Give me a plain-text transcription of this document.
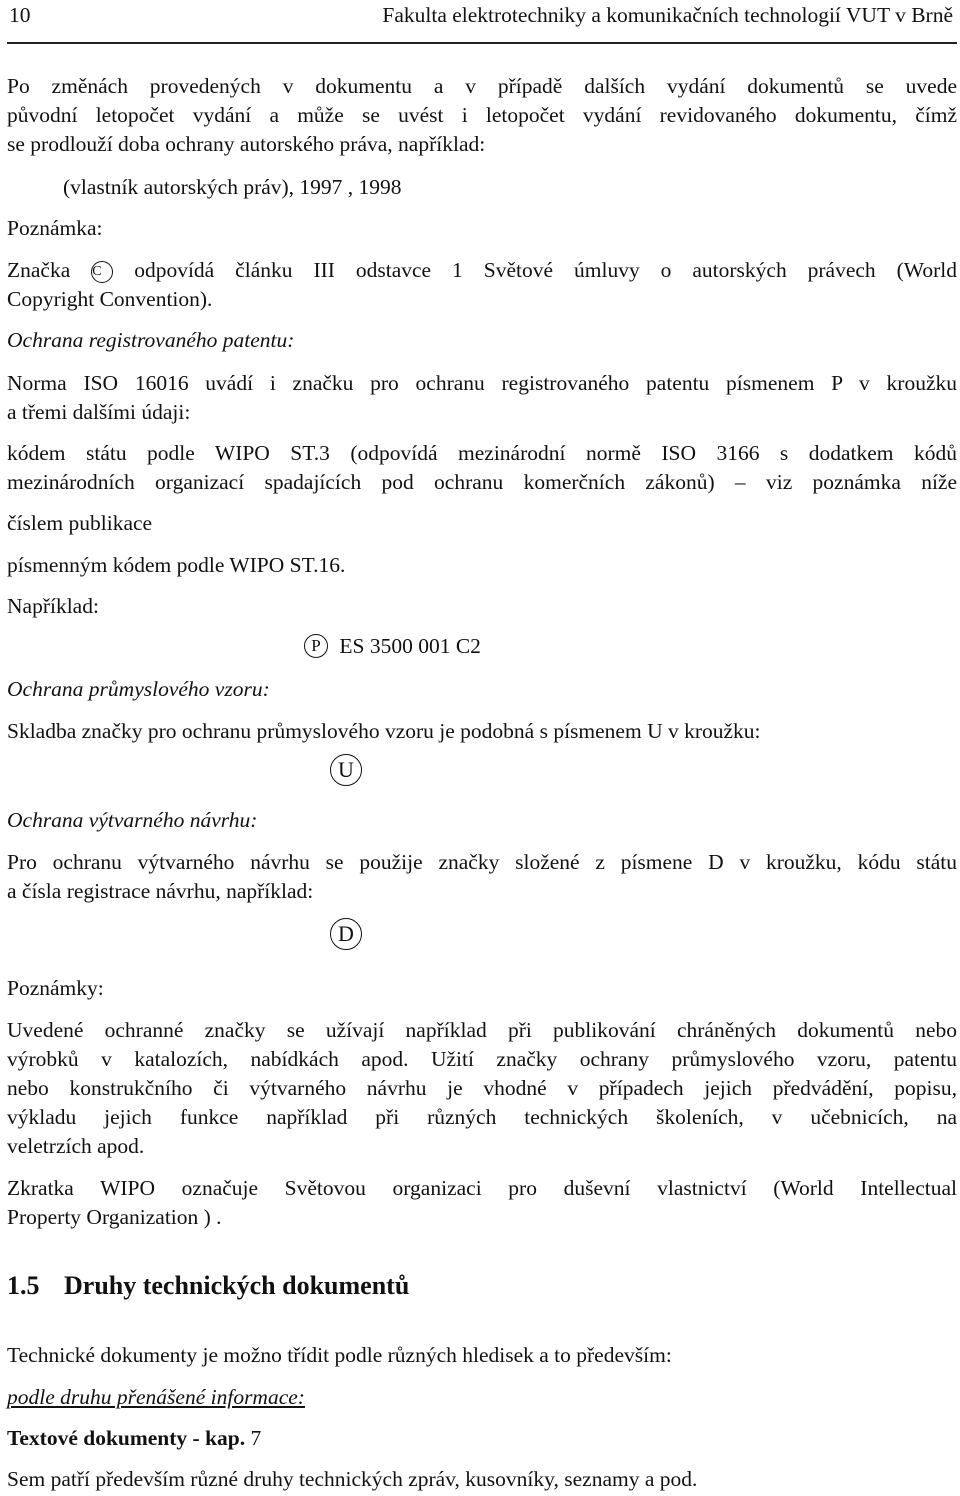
10	Fakulta elektrotechniky a komunikačních technologií VUT v Brně
Po změnách provedených v dokumentu a v případě dalších vydání dokumentů se uvede
původní letopočet vydání a může se uvést i letopočet vydání revidovaného dokumentu, čímž
se prodlouží doba ochrany autorského práva, například:
(vlastník autorských práv), 1997 , 1998
Poznámka:
Značka C odpovídá článku III odstavce 1 Světové úmluvy o autorských právech (World
Copyright Convention).
Ochrana registrovaného patentu:
Norma ISO 16016 uvádí i značku pro ochranu registrovaného patentu písmenem P v kroužku
a třemi dalšími údaji:
kódem státu podle WIPO ST.3 (odpovídá mezinárodní normě ISO 3166 s dodatkem kódů
mezinárodních organizací spadajících pod ochranu komerčních zákonů) – viz poznámka níže
číslem publikace
písmenným kódem podle WIPO ST.16.
Například:
P ES 3500 001 C2
Ochrana průmyslového vzoru:
Skladba značky pro ochranu průmyslového vzoru je podobná s písmenem U v kroužku:
U
Ochrana výtvarného návrhu:
Pro ochranu výtvarného návrhu se použije značky složené z písmene D v kroužku, kódu státu
a čísla registrace návrhu, například:
D
Poznámky:
Uvedené ochranné značky se užívají například při publikování chráněných dokumentů nebo
výrobků v katalozích, nabídkách apod. Užití značky ochrany průmyslového vzoru, patentu
nebo konstrukčního či výtvarného návrhu je vhodné v případech jejich předvádění, popisu,
výkladu jejich funkce například při různých technických školeních, v učebnicích, na
veletrzích apod.
Zkratka WIPO označuje Světovou organizaci pro duševní vlastnictví (World Intellectual
Property Organization ) .
1.5 Druhy technických dokumentů
Technické dokumenty je možno třídit podle různých hledisek a to především:
podle druhu přenášené informace:
Textové dokumenty - kap. 7
Sem patří především různé druhy technických zpráv, kusovníky, seznamy a pod.
